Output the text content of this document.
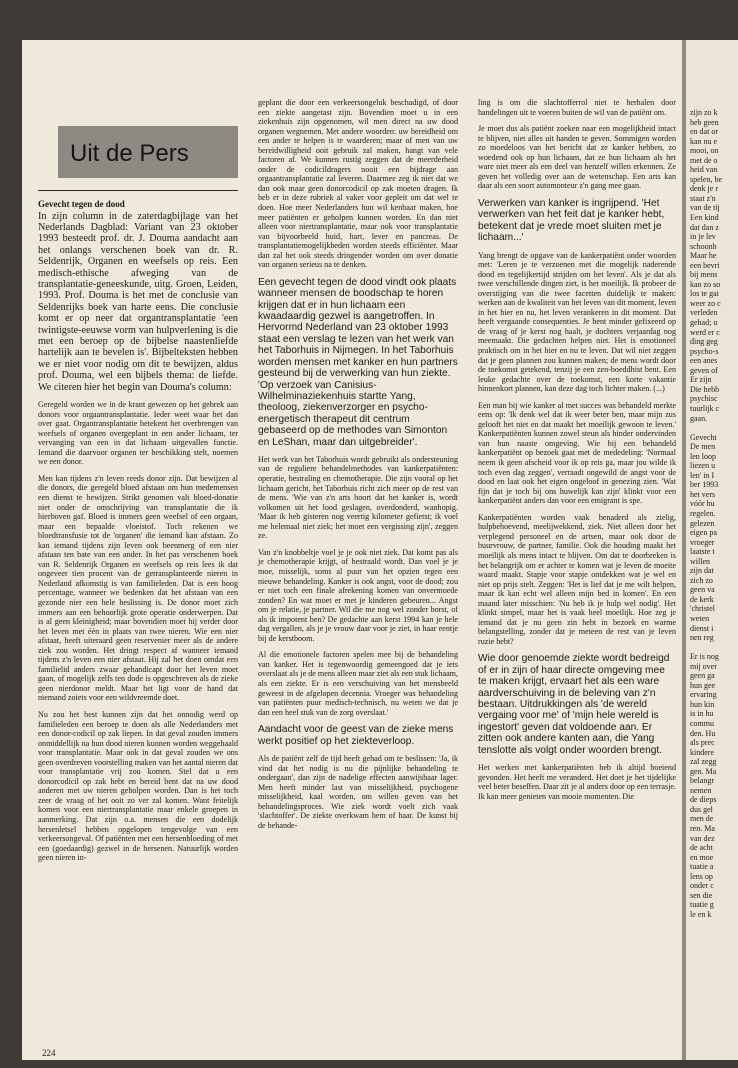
Uit de Pers

Gevecht tegen de dood

In zijn column in de zaterdagbijlage van het Nederlands Dagblad: Variant van 23 oktober 1993 besteedt prof. dr. J. Douma aandacht aan het onlangs verschenen boek van dr. R. Seldenrijk, Organen en weefsels op reis. Een medisch-ethische afweging van de transplantatie-geneeskunde, uitg. Groen, Leiden, 1993. Prof. Douma is het met de conclusie van Seldenrijks boek van harte eens. Die conclusie komt er op neer dat organtransplantatie 'een twintigste-eeuwse vorm van hulpverlening is die met een beroep op de bijbelse naastenliefde hartelijk aan te bevelen is'. Bijbelteksten hebben we er niet voor nodig om dit te bewijzen, aldus prof. Douma, wel een bijbels thema: de liefde. We citeren hier het begin van Douma's column:

Geregeld worden we in de krant gewezen op het gebrek aan donors voor orgaantransplantatie. Ieder weet waar het dan over gaat. Organtransplantatie betekent het overbrengen van weefsels of organen overgeplant in een ander lichaam, ter vervanging van een in dat lichaam uitgevallen functie. Iemand die daarvoor organen ter beschikking stelt, noemen we een donor.

Men kan tijdens z'n leven reeds donor zijn. Dat bewijzen al die donors, die geregeld bloed afstaan om hun medemensen een dienst te bewijzen. Strikt genomen valt bloed-donatie niet onder de omschrijving van transplantatie die ik hierboven gaf. Bloed is immers geen weefsel of een orgaan, maar een bepaalde vloeistof. Toch rekenen we bloedtransfusie tot de 'organen' die iemand kan afstaan. Zo kan iemand tijdens zijn leven ook beenmerg of een nier afstaan ten bate van een ander. In het pas verschenen boek van R. Seldenrijk Organen en weefsels op reis lees ik dat ongeveer tien procent van de getransplanteerde nieren in Nederland afkomstig is van familieleden. Dat is een hoog percentage, wanneer we bedenken dat het afstaan van een gezonde nier een hele beslissing is. De donor moet zich immers aan een behoorlijk grote operatie onderwerpen. Dat is al geen kleinigheid; maar bovendien moet hij verder door het leven met één in plaats van twee nieren. Wie een nier afstaat, heeft uiteraard geen reservenier meer als de andere ziek zou worden. Het dringt respect af wanneer iemand tijdens z'n leven een nier afstaat. Hij zal het doen omdat een familielid anders zwaar gehandicapt door het leven moet gaan, of mogelijk zelfs ten dode is opgeschreven als de zieke geen nierdonor meldt. Maar het ligt voor de hand dat niemand zoiets voor een wildvreemde doet.

Nu zou het best kunnen zijn dat het onnodig werd op familieleden een beroep te doen als alle Nederlanders met een donor-codicil op zak liepen. In dat geval zouden immers onmiddellijk na hun dood nieren kunnen worden weggehaald voor transplantatie. Maar ook in dat geval zouden we ons geen overdreven voorstelling maken van het aantal nieren dat voor transplantatie vrij zou komen. Stel dat u een donorcodicil op zak hebt en bereid bent dat na uw dood anderen met uw nieren geholpen worden. Dan is het toch zeer de vraag of het ooit zo ver zal komen. Want feitelijk komen voor een niertransplantatie maar enkele groepen in aanmerking. Dat zijn o.a. mensen die een dodelijk hersenletsel hebben opgelopen tengevolge van een verkeersongeval. Of patiënten met een hersenbloeding of met een (goedaardig) gezwel in de hersenen. Natuurlijk worden geen nieren in-

geplant die door een verkeersongeluk beschadigd, of door een ziekte aangetast zijn. Bovendien moet u in een ziekenhuis zijn opgenomen, wil men direct na uw dood organen wegnemen. Met andere woorden: uw bereidheid om een ander te helpen is te waarderen; maar of men van uw bereidwilligheid ooit gebruik zal maken, hangt van vele factoren af. We kunnen rustig zeggen dat de meerderheid onder de codicildragers nooit een bijdrage aan orgaantransplantatie zal leveren. Daarmee zeg ik niet dat we dan ook maar geen donorcodicil op zak moeten dragen. Ik heb er in deze rubriek al vaker voor gepleit om dat wel te doen. Hoe meer Nederlanders hun wil kenbaar maken, hoe meer patiënten er geholpen kunnen worden. En dan niet alleen voor niertransplantatie, maar ook voor transplantatie van bijvoorbeeld huid, hart, lever en pancreas. De transplantatiemogelijkheden worden steeds efficiënter. Maar dan zal het ook steeds dringender worden om over donatie van organen serieus na te denken.

Een gevecht tegen de dood vindt ook plaats wanneer mensen de boodschap te horen krijgen dat er in hun lichaam een kwaadaardig gezwel is aangetroffen. In Hervormd Nederland van 23 oktober 1993 staat een verslag te lezen van het werk van het Taborhuis in Nijmegen. In het Taborhuis worden mensen met kanker en hun partners gesteund bij de verwerking van hun ziekte. 'Op verzoek van Canisius-Wilhelminaziekenhuis startte Yang, theoloog, ziekenverzorger en psycho-energetisch therapeut dit centrum gebaseerd op de methodes van Simonton en LeShan, maar dan uitgebreider'.

Het werk van het Taborhuis wordt gebruikt als ondersteuning van de reguliere behandelmethodes van kankerpatiënten: operatie, bestraling en chemotherapie. Die zijn vooral op het lichaam gericht, het Taborhuis richt zich meer op de rest van de mens. 'Wie van z'n arts hoort dat het kanker is, wordt volkomen uit het lood geslagen, overdonderd, wanhopig. 'Maar ik heb gisteren nog veertig kilometer gefietst; ik voel me helemaal niet ziek; het moet een vergissing zijn', zeggen ze.

Van z'n knobbeltje voel je je ook niet ziek. Dat komt pas als je chemotherapie krijgt, of bestraald wordt. Dan voel je je moe, misselijk, soms al puur van het opzien tegen een nieuwe behandeling. Kanker is ook angst, voor de dood; zou er niet toch een finale afrekening komen van onvermoede zonden? En wat moet er met je kinderen gebeuren... Angst om je relatie, je partner. Wil die me nog wel zonder borst, of als ik impotent ben? De gedachte aan kerst 1994 kan je hele dag vergallen, als je je vrouw daar voor je ziet, in haar eentje bij de kerstboom.

Al die emotionele factoren spelen mee bij de behandeling van kanker. Het is tegenwoordig gemeengoed dat je iets overslaat als je de mens alleen maar ziet als een stuk lichaam, als een ziekte. Er is een verschuiving van het mensbeeld geweest in de afgelopen decennia. Vroeger was behandeling van patiënten puur medisch-technisch, nu weten we dat je dan een heel stuk van de zorg overslaat.'

Aandacht voor de geest van de zieke mens werkt positief op het ziekteverloop.

Als de patiënt zelf de tijd heeft gehad om te beslissen: 'Ja, ik vind dat het nodig is nu die pijnlijke behandeling te ondergaan', dan zijn de nadelige effecten aanwijsbaar lager. Men heeft minder last van misselijkheid, psychogene misselijkheid, kaal worden, om willen geven van het behandelingsproces. Wie ziek wordt voelt zich vaak 'slachtoffer'. De ziekte overkwam hem of haar. De kunst bij de behande-

ling is om die slachtofferrol niet te herhalen door handelingen uit te voeren buiten de wil van de patiënt om.

Je moet dus als patiënt zoeken naar een mogelijkheid intact te blijven, niet alles uit handen te geven. Sommigen worden zo moedeloos van het bericht dat ze kanker hebben, zo woedend ook op hun lichaam, dat ze hun lichaam als het ware niet meer als een deel van henzelf willen erkennen. Ze geven het volledig over aan de wetenschap. Een arts kan daar als een soort automonteur z'n gang mee gaan.

Verwerken van kanker is ingrijpend. 'Het verwerken van het feit dat je kanker hebt, betekent dat je vrede moet sluiten met je lichaam...'

Yang brengt de opgave van de kankerpatiënt onder woorden met: 'Leren je te verzoenen met die mogelijk naderende dood en tegelijkertijd strijden om het leven'. Als je dat als twee verschillende dingen ziet, is het moeilijk. Ik probeer de overstijging van die twee facetten duidelijk te maken: werken aan de kwaliteit van het leven van dit moment, leven in het hier en nu, het leven verankeren in dit moment. Dat heeft vergaande consequenties. Je bent minder gefixeerd op de vraag of je kerst nog haalt, je dochters verjaardag nog meemaakt. Die gedachten helpen niet. Het is emotioneel praktisch om in het hier en nu te leven. Dat wil niet zeggen dat je geen plannen zou kunnen maken; de mens wordt door de toekomst getekend, tenzij je een zen-boeddhist bent. Een leuke gedachte over de toekomst, een korte vakantie binnenkort plannen, kan deze dag toch lichter maken. (...)

Een man bij wie kanker al met succes was behandeld merkte eens op: 'Ik denk wel dat ik weer beter ben, maar mijn zus gelooft het niet en dat maakt het moeilijk gewoon te leven.' Kankerpatiënten kunnen zowel steun als hinder ondervinden van hun naaste omgeving. Wie bij een behandeld kankerpatiënt op bezoek gaat met de mededeling: 'Normaal neem ik geen afscheid voor ik op reis ga, maar jou wilde ik toch even dag zeggen', verraadt ongewild de angst voor de dood en laat ook het eigen ongeloof in genezing zien. 'Wat fijn dat je toch bij ons huwelijk kan zijn' klinkt voor een kankerpatiënt anders dan voor een emigrant is spe.

Kankerpatiënten worden vaak benaderd als zielig, hulpbehoevend, meelijwekkend, ziek. Niet alleen door het verplegend personeel en de artsen, maar ook door de buurvrouw, de partner, familie. Ook die houding maakt het moeilijk als mens intact te blijven. Om dat te doorbreken is het belangrijk om er achter te komen wat je leven de moeite waard maakt. Stapje voor stapje ontdekken wat je wel en niet op prijs stelt. Zeggen: 'Het is lief dat je me wilt helpen, maar ik kan echt wel alleen mijn bed in komen'. En een maand later misschien: 'Nu heb ik je hulp wel nodig'. Het klinkt simpel, maar het is vaak heel moeilijk. Hoe zeg je iemand dat je nu geen zin hebt in bezoek en warme belangstelling, zonder dat je meteen de rest van je leven ruzie hebt?

Wie door genoemde ziekte wordt bedreigd of er in zijn of haar directe omgeving mee te maken krijgt, ervaart het als een ware aardverschuiving in de beleving van z'n bestaan. Uitdrukkingen als 'de wereld vergaing voor me' of 'mijn hele wereld is ingestort' geven dat voldoende aan. Er zitten ook andere kanten aan, die Yang tenslotte als volgt onder woorden brengt.

Het werken met kankerpatiënten heb ik altijd boeiend gevonden. Het heeft me veranderd. Het doet je het tijdelijke veel beter beseffen. Daar zit je al anders door op een terrasje. Ik kan meer genieten van mooie momenten. Die

224
zijn zo k
heb geen
en dat or
kan nu e
mooi, on
met de o
heid van
spelen, be
denk je r
staat z'n
van de tij
Een kind
dat dan z
in je lev
schoonh
Maar he
een bevri
bij mens
kan zo so
los te gai
weer zo c
verleden
gehad; u
werd er c
ding geg
psycho-s
een anes
geven of
Er zijn
Die hebb
psychisc
tuurlijk c
gaan.

Gevecht
De men
len loop
liezen u
len' in I
ber 1993
het vers
vóór hu
regelen.
gelezen
eigen pa
vroeger
laatste t
willen
zijn dat
zich zo
geen va
de kerk
'christel
weten
dienst i
nen reg

Er is nog
mij over
geen ga
hun gee
ervaring
hun kin
is in hu
commu
den. Hu
als prec
kindere
zal zegg
gen. Ma
belangr
nemen
de dieps
dus gel
men de
ren. Ma
van dez
de acht
en moe
tuatie a
lens op
onder c
sen die
tuatie g
le en k
